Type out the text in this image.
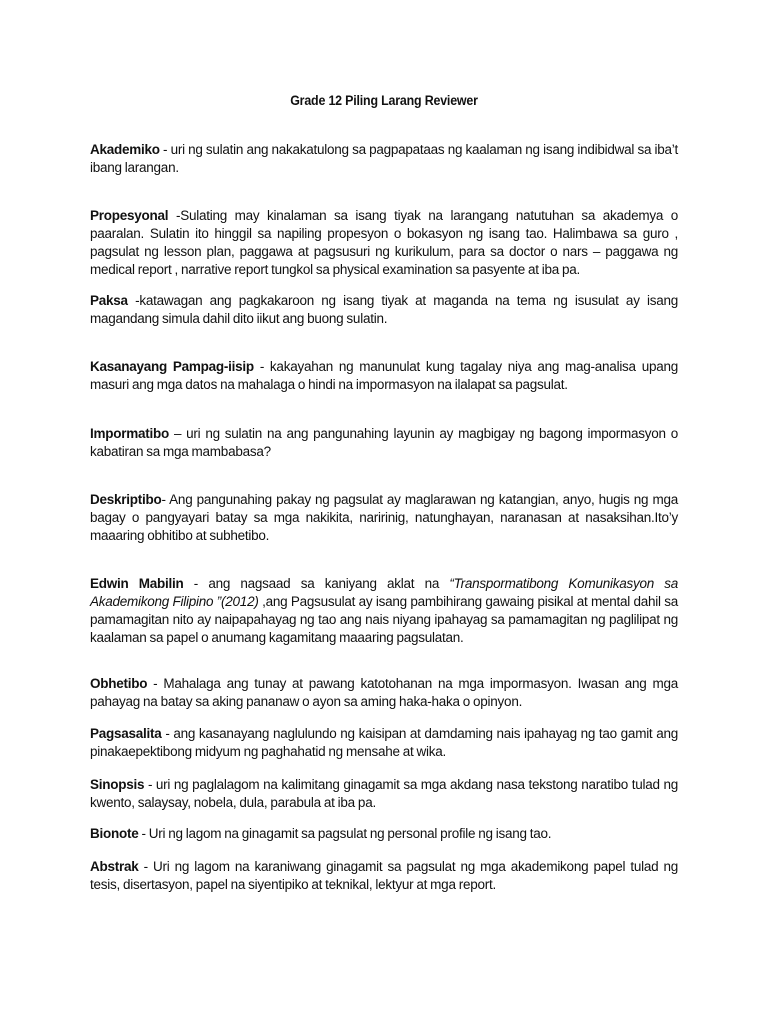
Grade 12 Piling Larang Reviewer

Akademiko - uri ng sulatin ang nakakatulong sa pagpapataas ng kaalaman ng isang indibidwal sa iba’t ibang larangan.

Propesyonal -Sulating may kinalaman sa isang tiyak na larangang natutuhan sa akademya o paaralan. Sulatin ito hinggil sa napiling propesyon o bokasyon ng isang tao. Halimbawa sa guro , pagsulat ng lesson plan, paggawa at pagsusuri ng kurikulum, para sa doctor o nars – paggawa ng medical report , narrative report tungkol sa physical examination sa pasyente at iba pa.

Paksa -katawagan ang pagkakaroon ng isang tiyak at maganda na tema ng isusulat ay isang magandang simula dahil dito iikut ang buong sulatin.

Kasanayang Pampag-iisip - kakayahan ng manunulat kung tagalay niya ang mag-analisa upang masuri ang mga datos na mahalaga o hindi na impormasyon na ilalapat sa pagsulat.

Impormatibo – uri ng sulatin na ang pangunahing layunin ay magbigay ng bagong impormasyon o kabatiran sa mga mambabasa?

Deskriptibo- Ang pangunahing pakay ng pagsulat ay maglarawan ng katangian, anyo, hugis ng mga bagay o pangyayari batay sa mga nakikita, naririnig, natunghayan, naranasan at nasaksihan.Ito’y maaaring obhitibo at subhetibo.

Edwin Mabilin - ang nagsaad sa kaniyang aklat na “Transpormatibong Komunikasyon sa Akademikong Filipino ”(2012) ,ang Pagsusulat ay isang pambihirang gawaing pisikal at mental dahil sa pamamagitan nito ay naipapahayag ng tao ang nais niyang ipahayag sa pamamagitan ng paglilipat ng kaalaman sa papel o anumang kagamitang maaaring pagsulatan.

Obhetibo - Mahalaga ang tunay at pawang katotohanan na mga impormasyon. Iwasan ang mga pahayag na batay sa aking pananaw o ayon sa aming haka-haka o opinyon.

Pagsasalita - ang kasanayang naglulundo ng kaisipan at damdaming nais ipahayag ng tao gamit ang pinakaepektibong midyum ng paghahatid ng mensahe at wika.

Sinopsis - uri ng paglalagom na kalimitang ginagamit sa mga akdang nasa tekstong naratibo tulad ng kwento, salaysay, nobela, dula, parabula at iba pa.

Bionote - Uri ng lagom na ginagamit sa pagsulat ng personal profile ng isang tao.

Abstrak - Uri ng lagom na karaniwang ginagamit sa pagsulat ng mga akademikong papel tulad ng tesis, disertasyon, papel na siyentipiko at teknikal, lektyur at mga report.
